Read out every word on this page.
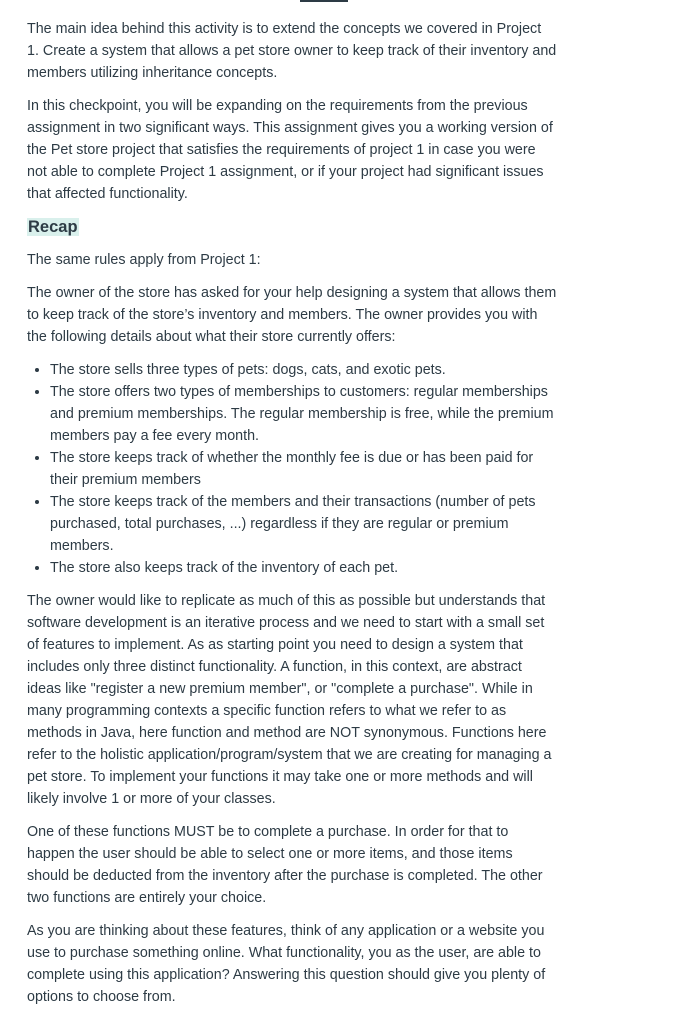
The main idea behind this activity is to extend the concepts we covered in Project 1. Create a system that allows a pet store owner to keep track of their inventory and members utilizing inheritance concepts.

In this checkpoint, you will be expanding on the requirements from the previous assignment in two significant ways. This assignment gives you a working version of the Pet store project that satisfies the requirements of project 1 in case you were not able to complete Project 1 assignment, or if your project had significant issues that affected functionality.

Recap

The same rules apply from Project 1:

The owner of the store has asked for your help designing a system that allows them to keep track of the store’s inventory and members. The owner provides you with the following details about what their store currently offers:

• The store sells three types of pets: dogs, cats, and exotic pets.
• The store offers two types of memberships to customers: regular memberships and premium memberships. The regular membership is free, while the premium members pay a fee every month.
• The store keeps track of whether the monthly fee is due or has been paid for their premium members
• The store keeps track of the members and their transactions (number of pets purchased, total purchases, ...) regardless if they are regular or premium members.
• The store also keeps track of the inventory of each pet.

The owner would like to replicate as much of this as possible but understands that software development is an iterative process and we need to start with a small set of features to implement. As as starting point you need to design a system that includes only three distinct functionality. A function, in this context, are abstract ideas like "register a new premium member", or "complete a purchase". While in many programming contexts a specific function refers to what we refer to as methods in Java, here function and method are NOT synonymous. Functions here refer to the holistic application/program/system that we are creating for managing a pet store. To implement your functions it may take one or more methods and will likely involve 1 or more of your classes.

One of these functions MUST be to complete a purchase. In order for that to happen the user should be able to select one or more items, and those items should be deducted from the inventory after the purchase is completed. The other two functions are entirely your choice.

As you are thinking about these features, think of any application or a website you use to purchase something online. What functionality, you as the user, are able to complete using this application? Answering this question should give you plenty of options to choose from.
